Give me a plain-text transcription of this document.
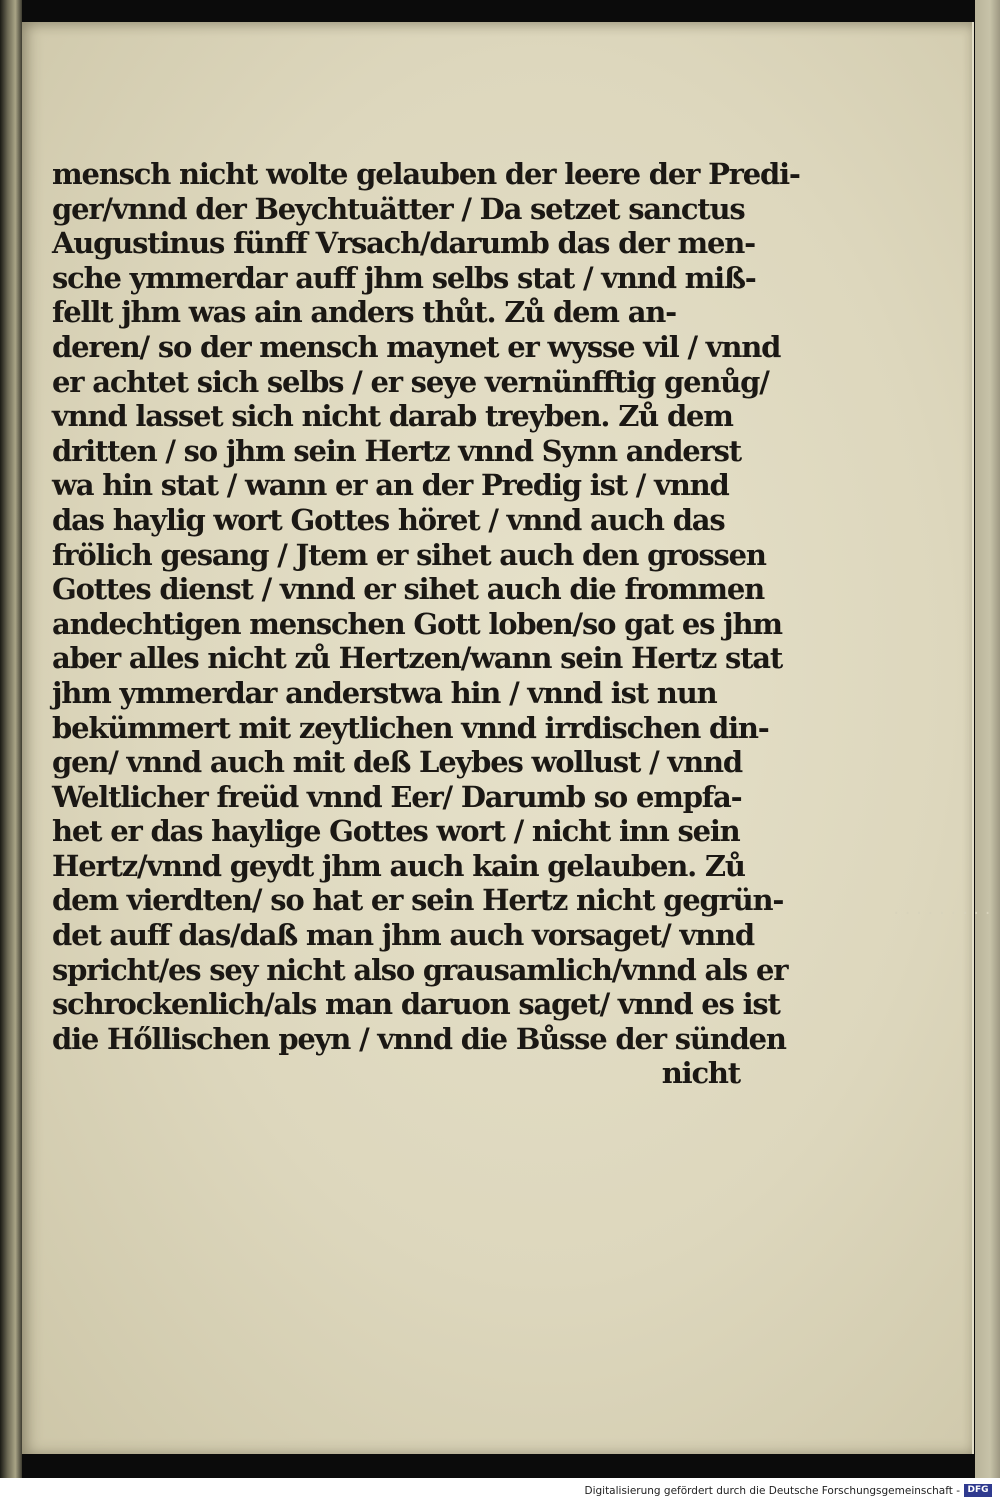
mensch nicht wolte gelauben der leere der Predi-
ger/vnnd der Beychtuätter / Da setzet sanctus
Augustinus fünff Vrsach/darumb das der men-
sche ymmerdar auff jhm selbs stat / vnnd miß-
fellt jhm was ain anders thůt. Zů dem an-
deren/ so der mensch maynet er wysse vil / vnnd
er achtet sich selbs / er seye vernünfftig genůg/
vnnd lasset sich nicht darab treyben. Zů dem
dritten / so jhm sein Hertz vnnd Synn anderst
wa hin stat / wann er an der Predig ist / vnnd
das haylig wort Gottes höret / vnnd auch das
frölich gesang / Jtem er sihet auch den grossen
Gottes dienst / vnnd er sihet auch die frommen
andechtigen menschen Gott loben/so gat es jhm
aber alles nicht zů Hertzen/wann sein Hertz stat
jhm ymmerdar anderstwa hin / vnnd ist nun
bekümmert mit zeytlichen vnnd irrdischen din-
gen/ vnnd auch mit deß Leybes wollust / vnnd
Weltlicher freüd vnnd Eer/ Darumb so empfa-
het er das haylige Gottes wort / nicht inn sein
Hertz/vnnd geydt jhm auch kain gelauben. Zů
dem vierdten/ so hat er sein Hertz nicht gegrün-
det auff das/daß man jhm auch vorsaget/ vnnd
spricht/es sey nicht also grausamlich/vnnd als er
schrockenlich/als man daruon saget/ vnnd es ist
die Hőllischen peyn / vnnd die Bůsse der sünden
nicht
·········
Digitalisierung gefördert durch die Deutsche Forschungsgemeinschaft - DFG
